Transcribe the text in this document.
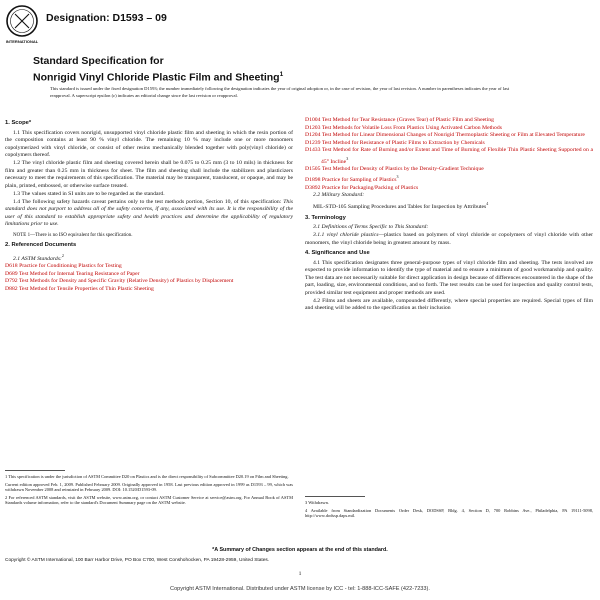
INTERNATIONAL
Designation: D1593 – 09
Standard Specification for
Nonrigid Vinyl Chloride Plastic Film and Sheeting$^1$
This standard is issued under the fixed designation D1593; the number immediately following the designation indicates the year of original adoption or, in the case of revision, the year of last revision. A number in parentheses indicates the year of last reapproval. A superscript epsilon (ε) indicates an editorial change since the last revision or reapproval.
1. Scope*

1.1 This specification covers nonrigid, unsupported vinyl chloride plastic film and sheeting in which the resin portion of the composition contains at least 90 % vinyl chloride. The remaining 10 % may include one or more monomers copolymerized with vinyl chloride, or consist of other resins mechanically blended together with poly(vinyl chloride) or copolymers thereof.

1.2 The vinyl chloride plastic film and sheeting covered herein shall be 0.075 to 0.25 mm (3 to 10 mils) in thickness for film and greater than 0.25 mm in thickness for sheet. The film and sheeting shall include the stabilizers and plasticizers necessary to meet the requirements of this specification. The material may be transparent, translucent, or opaque, and may be plain, printed, embossed, or otherwise surface treated.

1.3 The values stated in SI units are to be regarded as the standard.

1.4 The following safety hazards caveat pertains only to the test methods portion, Section 10, of this specification: This standard does not purport to address all of the safety concerns, if any, associated with its use. It is the responsibility of the user of this standard to establish appropriate safety and health practices and determine the applicability of regulatory limitations prior to use.

NOTE 1—There is no ISO equivalent for this specification.

2. Referenced Documents

2.1 ASTM Standards:$^2$

D618 Practice for Conditioning Plastics for Testing
D689 Test Method for Internal Tearing Resistance of Paper
D792 Test Methods for Density and Specific Gravity (Relative Density) of Plastics by Displacement
D882 Test Method for Tensile Properties of Thin Plastic Sheeting
D1004 Test Method for Tear Resistance (Graves Tear) of Plastic Film and Sheeting
D1203 Test Methods for Volatile Loss From Plastics Using Activated Carbon Methods
D1204 Test Method for Linear Dimensional Changes of Nonrigid Thermoplastic Sheeting or Film at Elevated Temperature
D1239 Test Method for Resistance of Plastic Films to Extraction by Chemicals
D1433 Test Method for Rate of Burning and/or Extent and Time of Burning of Flexible Thin Plastic Sheeting Supported on a 45° Incline$^3$
D1505 Test Method for Density of Plastics by the Density-Gradient Technique
D1898 Practice for Sampling of Plastics$^3$
D3892 Practice for Packaging/Packing of Plastics

2.2 Military Standard:

MIL-STD-105 Sampling Procedures and Tables for Inspection by Attributes$^4$

3. Terminology

3.1 Definitions of Terms Specific to This Standard:

3.1.1 vinyl chloride plastics—plastics based on polymers of vinyl chloride or copolymers of vinyl chloride with other monomers, the vinyl chloride being in greatest amount by mass.

4. Significance and Use

4.1 This specification designates three general-purpose types of vinyl chloride film and sheeting. The tests involved are expected to provide information to identify the type of material and to ensure a minimum of good workmanship and quality. The test data are not necessarily suitable for direct application in design because of differences encountered in the shape of the part, loading, size, environmental conditions, and so forth. The test results can be used for inspection and quality control tests, provided similar test equipment and proper methods are used.

4.2 Films and sheets are available, compounded differently, where special properties are required. Special types of film and sheeting will be added to the specification as their inclusion

1 This specification is under the jurisdiction of ASTM Committee D20 on Plastics and is the direct responsibility of Subcommittee D20.19 on Film and Sheeting.

Current edition approved Feb. 1, 2009. Published February 2009. Originally approved in 1958. Last previous edition approved in 1999 as D1593 – 99, which was withdrawn November 2008 and reinstated in February 2009. DOI: 10.1520/D1593-09.

2 For referenced ASTM standards, visit the ASTM website, www.astm.org, or contact ASTM Customer Service at service@astm.org. For Annual Book of ASTM Standards volume information, refer to the standard's Document Summary page on the ASTM website.	3 Withdrawn.

4 Available from Standardization Documents Order Desk, DODSSP, Bldg. 4, Section D, 700 Robbins Ave., Philadelphia, PA 19111-5098, http://www.dodssp.daps.mil.

*A Summary of Changes section appears at the end of this standard.
Copyright © ASTM International, 100 Barr Harbor Drive, PO Box C700, West Conshohocken, PA 19428-2959, United States.
1
Copyright ASTM International. Distributed under ASTM license by ICC - tel: 1-888-ICC-SAFE (422-7233).
